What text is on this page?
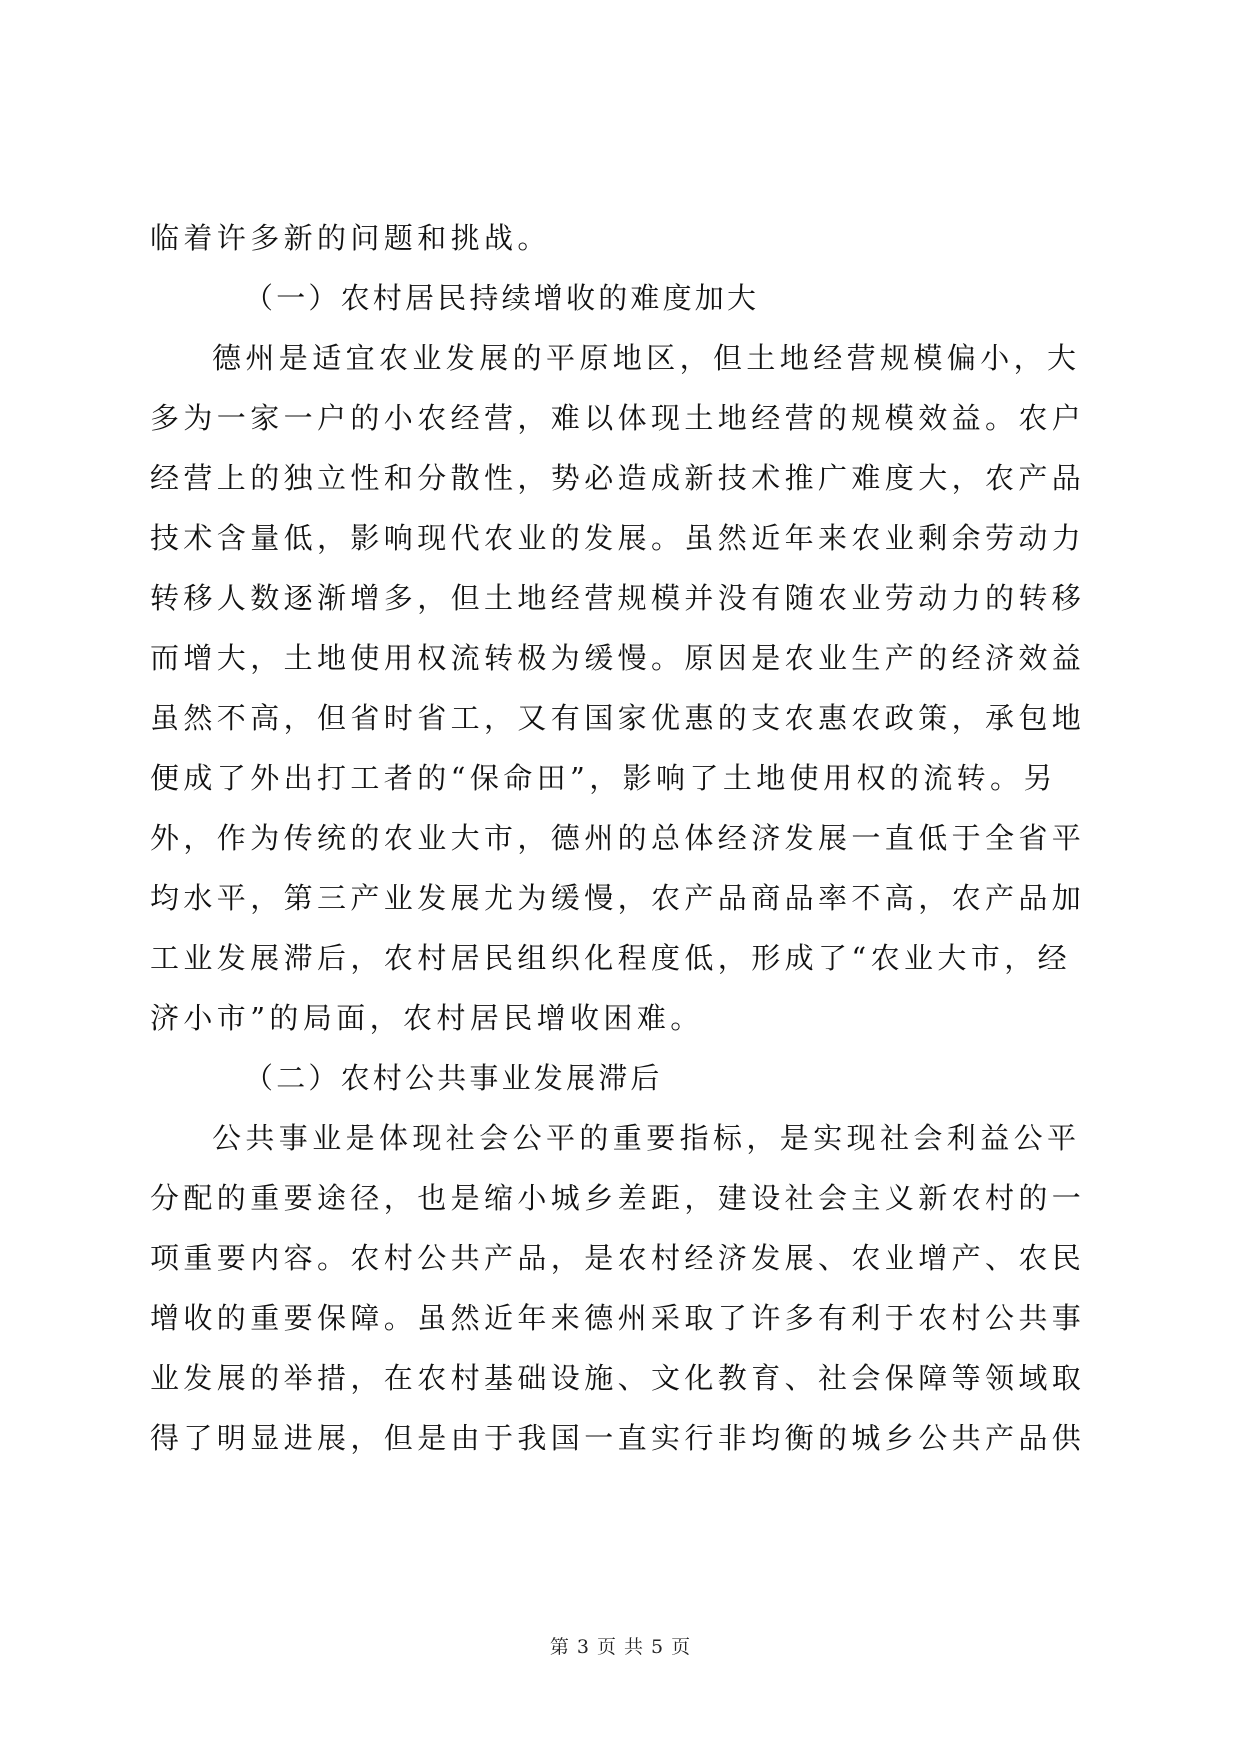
临着许多新的问题和挑战。
（一）农村居民持续增收的难度加大
德州是适宜农业发展的平原地区，但土地经营规模偏小，大
多为一家一户的小农经营，难以体现土地经营的规模效益。农户
经营上的独立性和分散性，势必造成新技术推广难度大，农产品
技术含量低，影响现代农业的发展。虽然近年来农业剩余劳动力
转移人数逐渐增多，但土地经营规模并没有随农业劳动力的转移
而增大，土地使用权流转极为缓慢。原因是农业生产的经济效益
虽然不高，但省时省工，又有国家优惠的支农惠农政策，承包地
便成了外出打工者的“保命田”，影响了土地使用权的流转。另
外，作为传统的农业大市，德州的总体经济发展一直低于全省平
均水平，第三产业发展尤为缓慢，农产品商品率不高，农产品加
工业发展滞后，农村居民组织化程度低，形成了“农业大市，经
济小市”的局面，农村居民增收困难。
（二）农村公共事业发展滞后
公共事业是体现社会公平的重要指标，是实现社会利益公平
分配的重要途径，也是缩小城乡差距，建设社会主义新农村的一
项重要内容。农村公共产品，是农村经济发展、农业增产、农民
增收的重要保障。虽然近年来德州采取了许多有利于农村公共事
业发展的举措，在农村基础设施、文化教育、社会保障等领域取
得了明显进展，但是由于我国一直实行非均衡的城乡公共产品供
第 3 页 共 5 页
